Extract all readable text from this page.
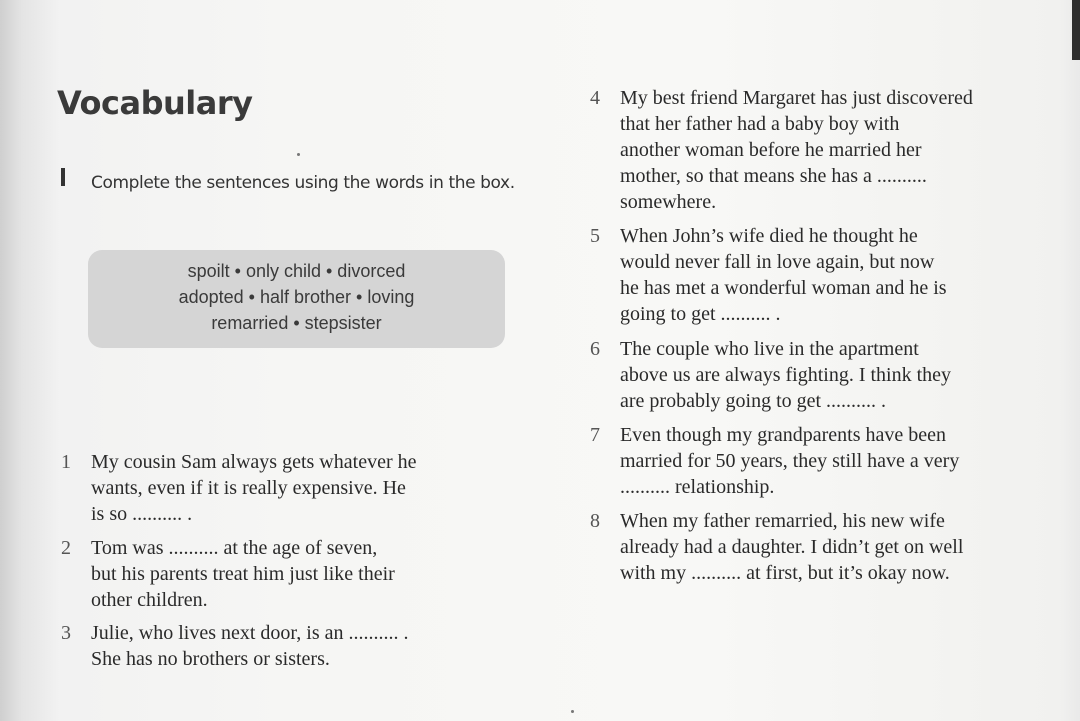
Vocabulary

Complete the sentences using the words in the box.

spoilt • only child • divorced
adopted • half brother • loving
remarried • stepsister
1	My cousin Sam always gets whatever he
wants, even if it is really expensive. He
is so .......... .
2	Tom was .......... at the age of seven,
but his parents treat him just like their
other children.
3	Julie, who lives next door, is an .......... .
She has no brothers or sisters.
4	My best friend Margaret has just discovered
that her father had a baby boy with
another woman before he married her
mother, so that means she has a ..........
somewhere.
5	When John’s wife died he thought he
would never fall in love again, but now
he has met a wonderful woman and he is
going to get .......... .
6	The couple who live in the apartment
above us are always fighting. I think they
are probably going to get .......... .
7	Even though my grandparents have been
married for 50 years, they still have a very
.......... relationship.
8	When my father remarried, his new wife
already had a daughter. I didn’t get on well
with my .......... at first, but it’s okay now.
